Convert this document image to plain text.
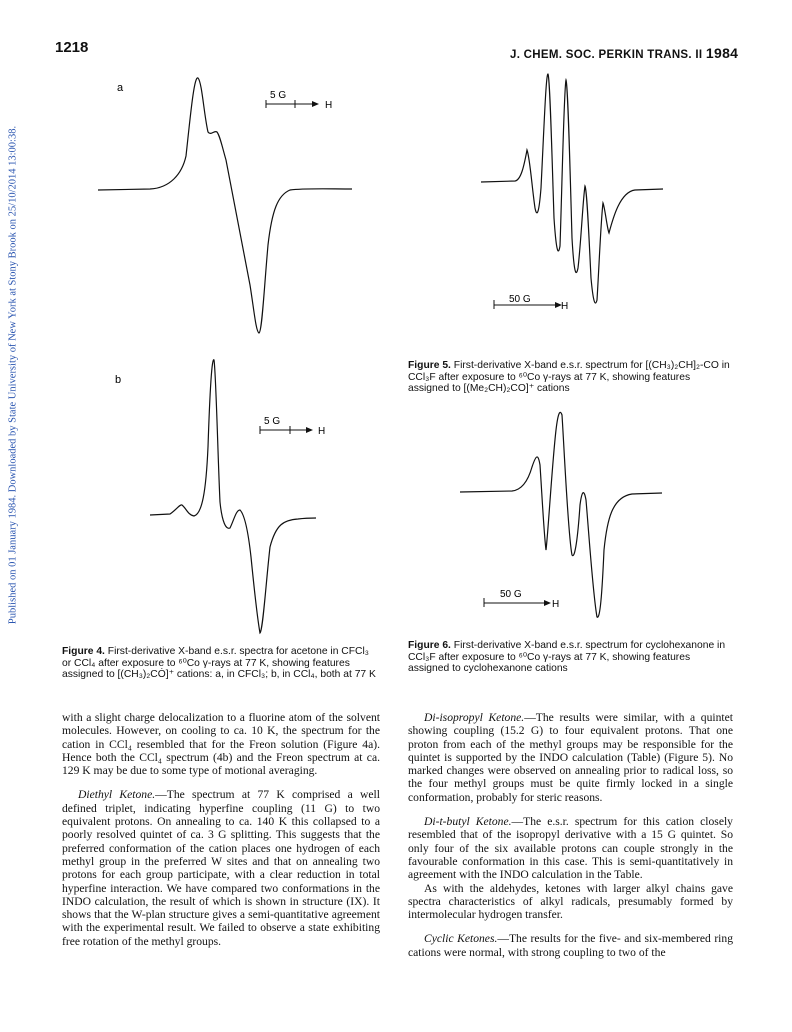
Published on 01 January 1984. Downloaded by State University of New York at Stony Brook on 25/10/2014 13:00:38.
1218	J. CHEM. SOC. PERKIN TRANS. II 1984
a
5 G
H
b
5 G
H
50 G
H
50 G
H
Figure 4. First-derivative X-band e.s.r. spectra for acetone in CFCl₃ or CCl₄ after exposure to ⁶⁰Co γ-rays at 77 K, showing features assigned to [(CH₃)₂CȮ]⁺ cations: a, in CFCl₃; b, in CCl₄, both at 77 K
Figure 5. First-derivative X-band e.s.r. spectrum for [(CH₃)₂CH]₂-CO in CCl₃F after exposure to ⁶⁰Co γ-rays at 77 K, showing features assigned to [(Me₂CH)₂CO]⁺ cations
Figure 6. First-derivative X-band e.s.r. spectrum for cyclohexanone in CCl₃F after exposure to ⁶⁰Co γ-rays at 77 K, showing features assigned to cyclohexanone cations

with a slight charge delocalization to a fluorine atom of the solvent molecules. However, on cooling to ca. 10 K, the spectrum for the cation in CCl₄ resembled that for the Freon solution (Figure 4a). Hence both the CCl₄ spectrum (4b) and the Freon spectrum at ca. 129 K may be due to some type of motional averaging.

Diethyl Ketone.—The spectrum at 77 K comprised a well defined triplet, indicating hyperfine coupling (11 G) to two equivalent protons. On annealing to ca. 140 K this collapsed to a poorly resolved quintet of ca. 3 G splitting. This suggests that the preferred conformation of the cation places one hydrogen of each methyl group in the preferred W sites and that on annealing two protons for each group participate, with a clear reduction in total hyperfine interaction. We have compared two conformations in the INDO calculation, the result of which is shown in structure (IX). It shows that the W-plan structure gives a semi-quantitative agreement with the experimental result. We failed to observe a state exhibiting free rotation of the methyl groups.

Di-isopropyl Ketone.—The results were similar, with a quintet showing coupling (15.2 G) to four equivalent protons. That one proton from each of the methyl groups may be responsible for the quintet is supported by the INDO calculation (Table) (Figure 5). No marked changes were observed on annealing prior to radical loss, so the four methyl groups must be quite firmly locked in a single conformation, probably for steric reasons.

Di-t-butyl Ketone.—The e.s.r. spectrum for this cation closely resembled that of the isopropyl derivative with a 15 G quintet. So only four of the six available protons can couple strongly in the favourable conformation in this case. This is semi-quantitatively in agreement with the INDO calculation in the Table.

As with the aldehydes, ketones with larger alkyl chains gave spectra characteristics of alkyl radicals, presumably formed by intermolecular hydrogen transfer.

Cyclic Ketones.—The results for the five- and six-membered ring cations were normal, with strong coupling to two of the
